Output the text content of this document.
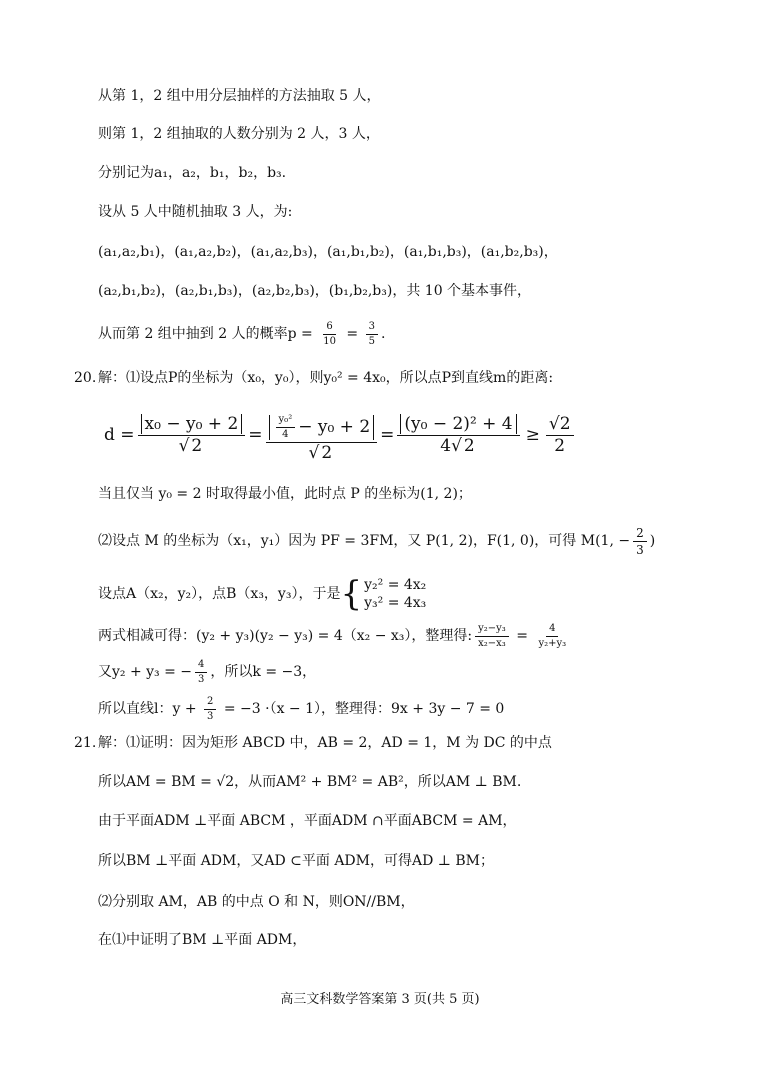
从第 1，2 组中用分层抽样的方法抽取 5 人，
则第 1，2 组抽取的人数分别为 2 人，3 人，
分别记为a₁，a₂，b₁，b₂，b₃.
设从 5 人中随机抽取 3 人，为:
(a₁,a₂,b₁)，(a₁,a₂,b₂)，(a₁,a₂,b₃)，(a₁,b₁,b₂)，(a₁,b₁,b₃)，(a₁,b₂,b₃)，
(a₂,b₁,b₂)，(a₂,b₁,b₃)，(a₂,b₂,b₃)，(b₁,b₂,b₃)，共 10 个基本事件，
从而第 2 组中抽到 2 人的概率$p = \frac{6}{10} = \frac{3}{5}$ .
20. 解：⑴设点P的坐标为（x₀，y₀），则y₀² = 4x₀，所以点P到直线m的距离:
$d = \frac{\text{x₀ − y₀ + 2}}{√ 2} = \frac{\frac{\text{y₀²}}{4} - y_0 + 2}{√ 2} = \frac{\text{(y₀ − 2)² + 4}}{4√ 2} \ge \frac{√2}{2}$
当且仅当 y₀ = 2 时取得最小值，此时点 P 的坐标为(1, 2)；
⑵设点 M 的坐标为（x₁，y₁）因为 PF = 3FM，又 P(1, 2)，F(1, 0)，可得 M(1, − $\frac{2}{3}$ )
设点A（x₂，y₂），点B（x₃，y₃），于是 { y₂² = 4x₂
y₃² = 4x₃
两式相减可得：(y₂ + y₃)(y₂ − y₃) = 4（x₂ − x₃），整理得: $\frac{\text{y₂−y₃}}{\text{x₂−x₃}} = \frac{4}{\text{y₂+y₃}}$
又y₂ + y₃ = − $\frac{4}{3}$ ，所以k = −3，
所以直线l：$y + \frac{2}{3} = -3 \cdot(x - 1)$，整理得：9x + 3y − 7 = 0
21. 解：⑴证明：因为矩形 ABCD 中，AB = 2，AD = 1，M 为 DC 的中点
所以AM = BM = √2，从而AM² + BM² = AB²，所以AM ⊥ BM.
由于平面ADM ⊥平面 ABCM ，平面ADM ∩平面ABCM = AM，
所以BM ⊥平面 ADM，又AD ⊂平面 ADM，可得AD ⊥ BM；
⑵分别取 AM，AB 的中点 O 和 N，则ON//BM，
在⑴中证明了BM ⊥平面 ADM，
高三文科数学答案第 3 页(共 5 页)
